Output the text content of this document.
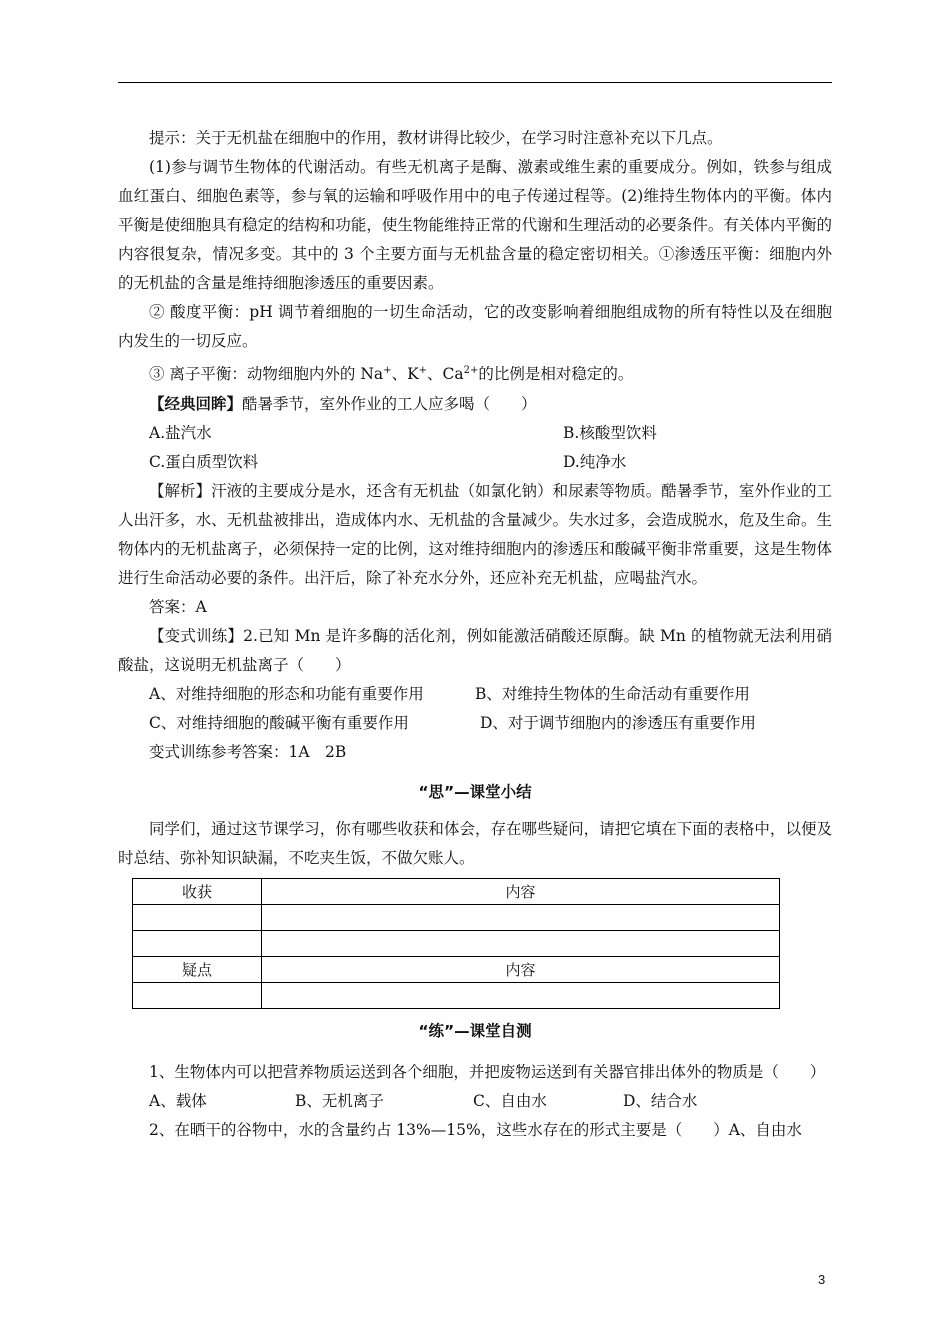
提示：关于无机盐在细胞中的作用，教材讲得比较少，在学习时注意补充以下几点。

(1)参与调节生物体的代谢活动。有些无机离子是酶、激素或维生素的重要成分。例如，铁参与组成血红蛋白、细胞色素等，参与氧的运输和呼吸作用中的电子传递过程等。(2)维持生物体内的平衡。体内平衡是使细胞具有稳定的结构和功能，使生物能维持正常的代谢和生理活动的必要条件。有关体内平衡的内容很复杂，情况多变。其中的 3 个主要方面与无机盐含量的稳定密切相关。①渗透压平衡：细胞内外的无机盐的含量是维持细胞渗透压的重要因素。

② 酸度平衡：pH 调节着细胞的一切生命活动，它的改变影响着细胞组成物的所有特性以及在细胞内发生的一切反应。

③ 离子平衡：动物细胞内外的 Na+、K+、$Ca^{2+}$的比例是相对稳定的。

【经典回眸】酷暑季节，室外作业的工人应多喝（　　）

A.盐汽水	B.核酸型饮料
C.蛋白质型饮料	D.纯净水

【解析】汗液的主要成分是水，还含有无机盐（如氯化钠）和尿素等物质。酷暑季节，室外作业的工人出汗多，水、无机盐被排出，造成体内水、无机盐的含量减少。失水过多，会造成脱水，危及生命。生物体内的无机盐离子，必须保持一定的比例，这对维持细胞内的渗透压和酸碱平衡非常重要，这是生物体进行生命活动必要的条件。出汗后，除了补充水分外，还应补充无机盐，应喝盐汽水。

答案：A

【变式训练】2.已知 Mn 是许多酶的活化剂，例如能激活硝酸还原酶。缺 Mn 的植物就无法利用硝酸盐，这说明无机盐离子（　　）

A、对维持细胞的形态和功能有重要作用	B、对维持生物体的生命活动有重要作用
C、对维持细胞的酸碱平衡有重要作用	D、对于调节细胞内的渗透压有重要作用

变式训练参考答案：1A　2B

“思”—课堂小结

同学们，通过这节课学习，你有哪些收获和体会，存在哪些疑问，请把它填在下面的表格中，以便及时总结、弥补知识缺漏，不吃夹生饭，不做欠账人。

收获	内容

疑点	内容

“练”—课堂自测

1、生物体内可以把营养物质运送到各个细胞，并把废物运送到有关器官排出体外的物质是（　　）

A、载体	B、无机离子	C、自由水	D、结合水

2、在晒干的谷物中，水的含量约占 13%—15%，这些水存在的形式主要是（　　）A、自由水

3
